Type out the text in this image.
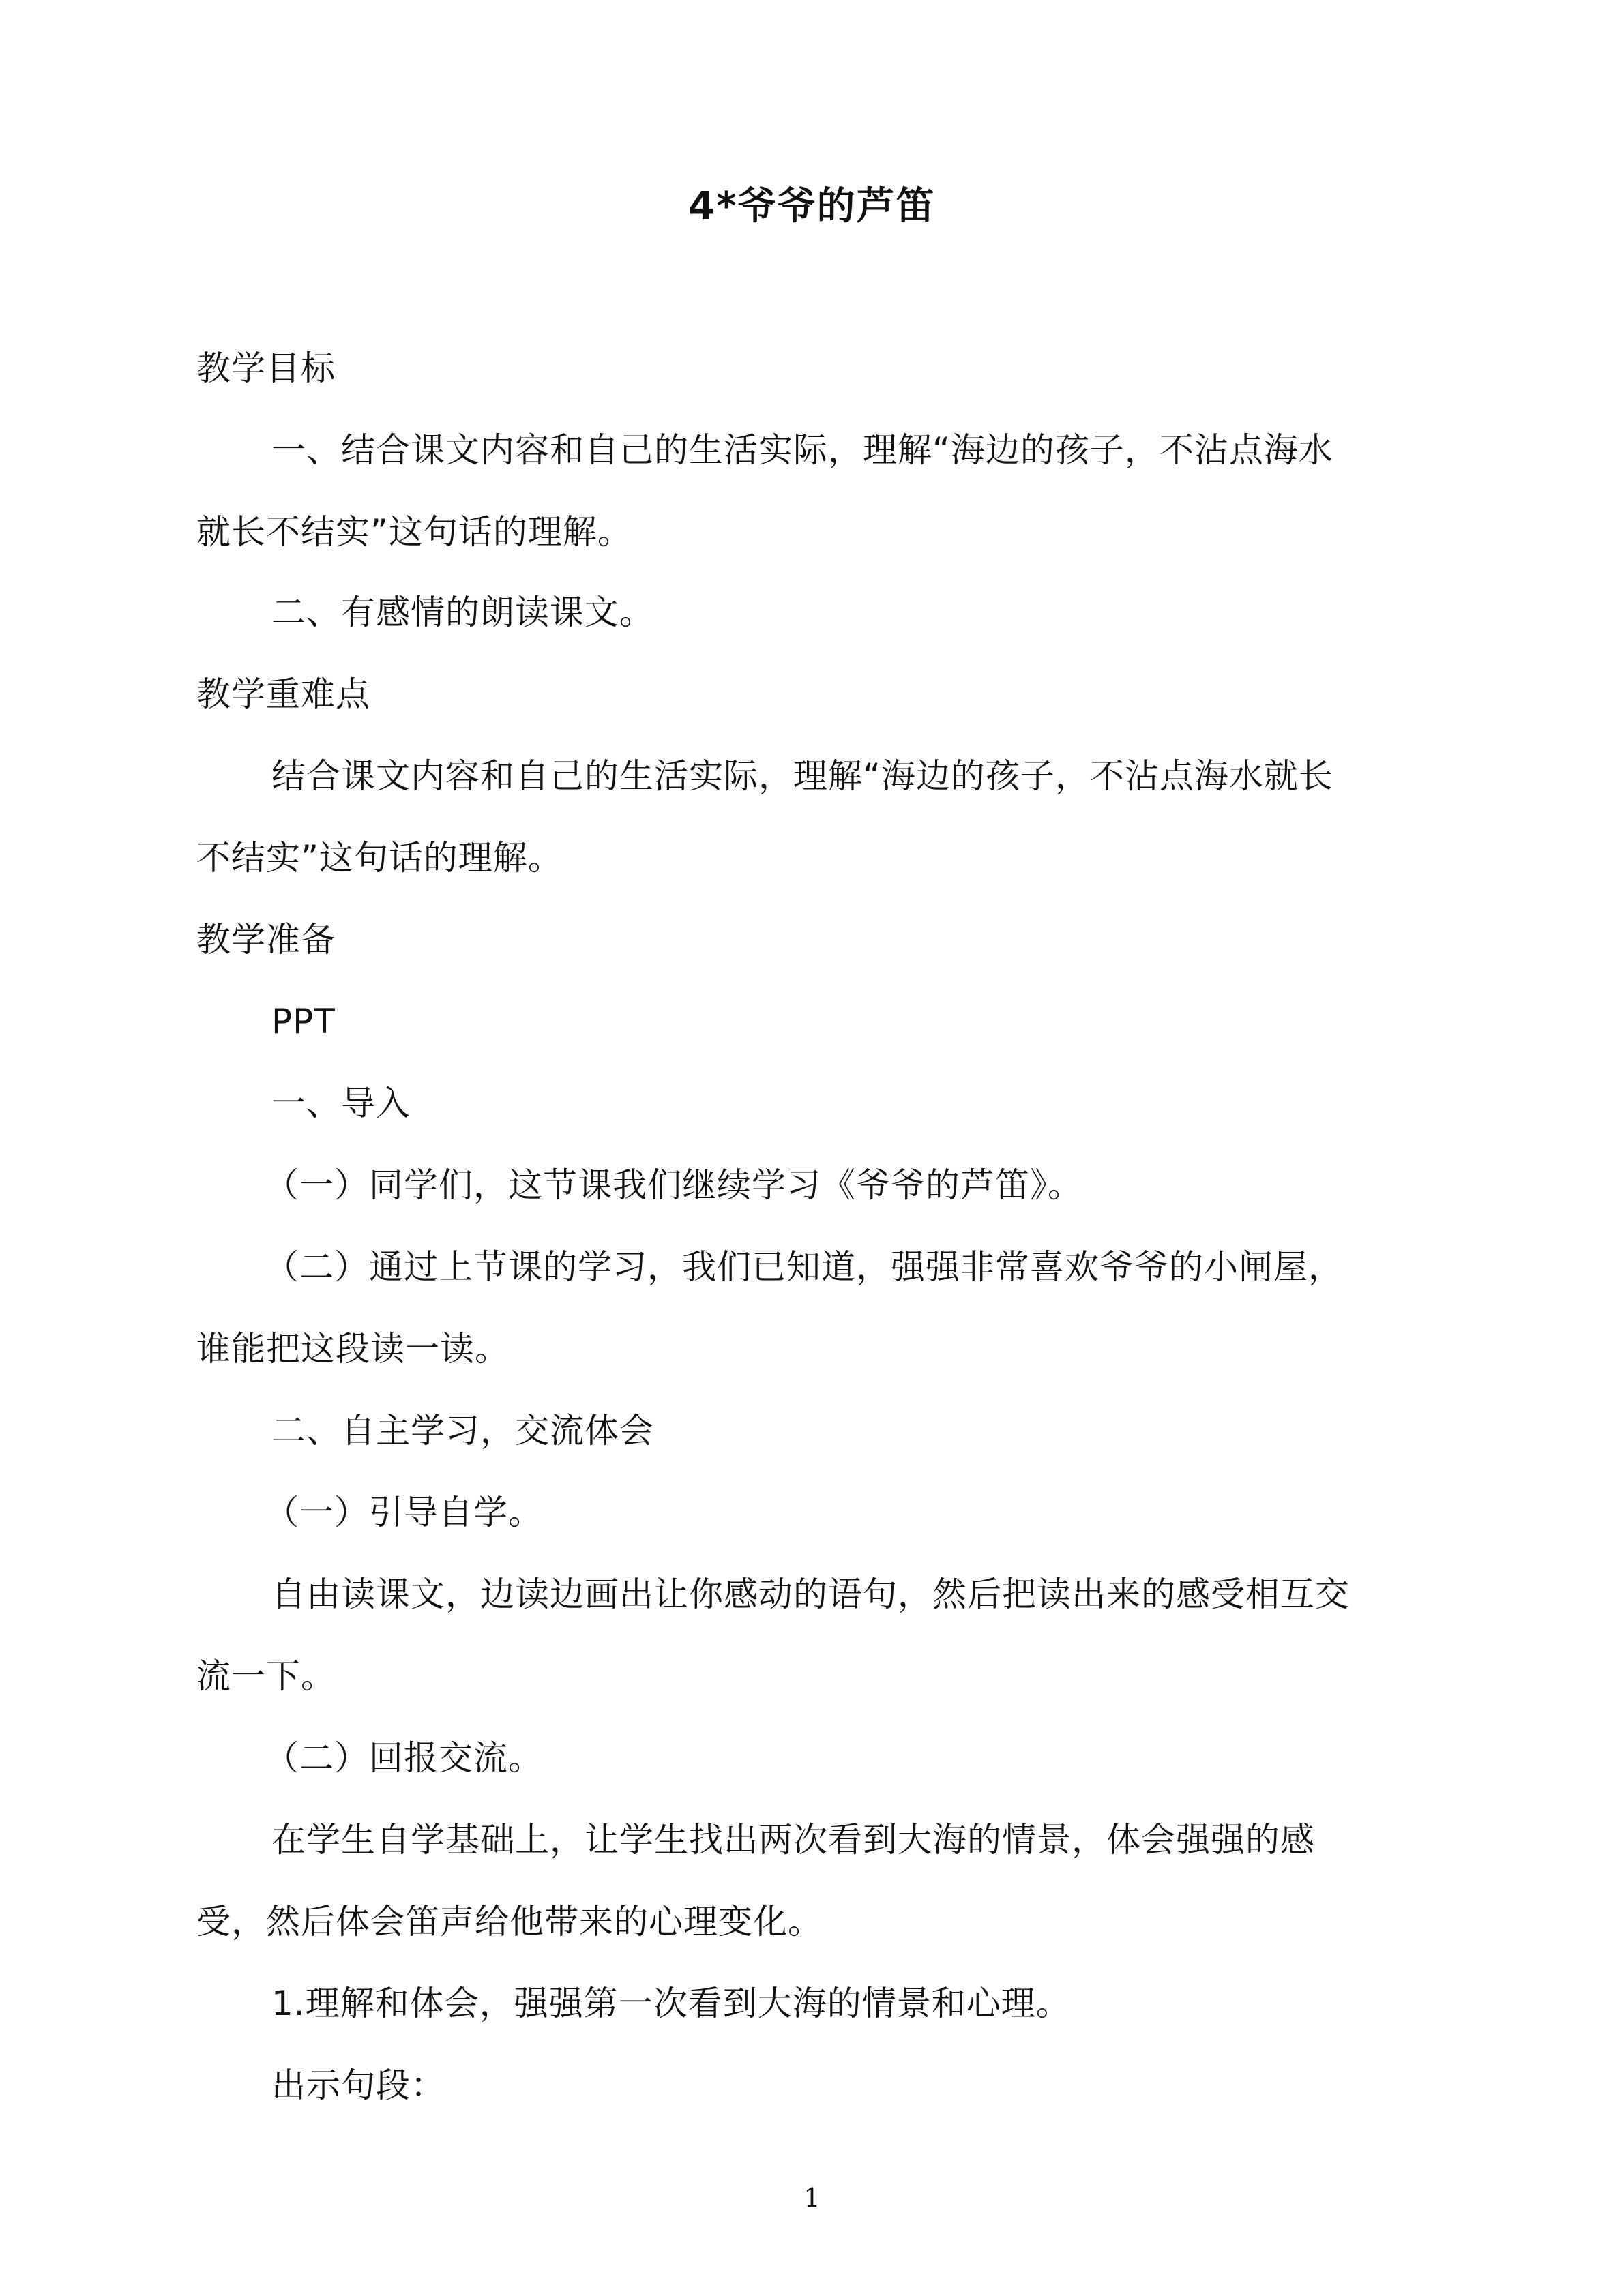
4*爷爷的芦笛
教学目标
一、结合课文内容和自己的生活实际，理解“海边的孩子，不沾点海水
就长不结实”这句话的理解。
二、有感情的朗读课文。
教学重难点
结合课文内容和自己的生活实际，理解“海边的孩子，不沾点海水就长
不结实”这句话的理解。
教学准备
PPT
一、导入
（一）同学们，这节课我们继续学习《爷爷的芦笛》。
（二）通过上节课的学习，我们已知道，强强非常喜欢爷爷的小闸屋，
谁能把这段读一读。
二、自主学习，交流体会
（一）引导自学。
自由读课文，边读边画出让你感动的语句，然后把读出来的感受相互交
流一下。
（二）回报交流。
在学生自学基础上，让学生找出两次看到大海的情景，体会强强的感
受，然后体会笛声给他带来的心理变化。
1.理解和体会，强强第一次看到大海的情景和心理。
出示句段：
1
